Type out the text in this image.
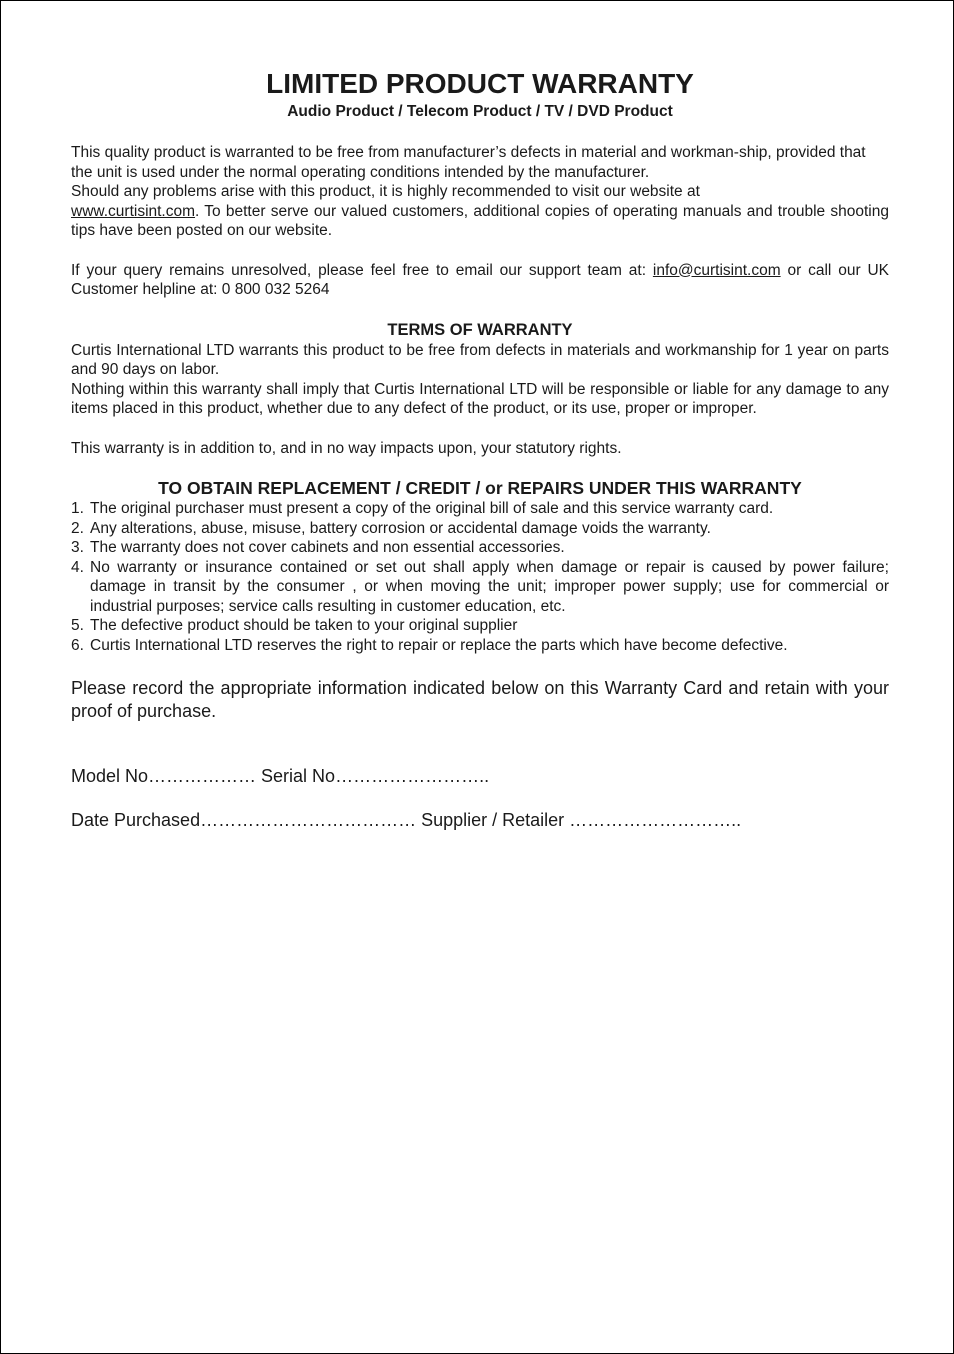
LIMITED PRODUCT WARRANTY
Audio Product / Telecom Product / TV / DVD Product

This quality product is warranted to be free from manufacturer’s defects in material and workman-ship, provided that the unit is used under the normal operating conditions intended by the manufacturer.
Should any problems arise with this product, it is highly recommended to visit our website at

www.curtisint.com. To better serve our valued customers, additional copies of operating manuals and trouble shooting tips have been posted on our website.

If your query remains unresolved, please feel free to email our support team at: info@curtisint.com or call our UK Customer helpline at: 0 800 032 5264

TERMS OF WARRANTY

Curtis International LTD warrants this product to be free from defects in materials and workmanship for 1 year on parts and 90 days on labor.

Nothing within this warranty shall imply that Curtis International LTD will be responsible or liable for any damage to any items placed in this product, whether due to any defect of the product, or its use, proper or improper.

This warranty is in addition to, and in no way impacts upon, your statutory rights.

TO OBTAIN REPLACEMENT / CREDIT / or REPAIRS UNDER THIS WARRANTY
1. The original purchaser must present a copy of the original bill of sale and this service warranty card.
2. Any alterations, abuse, misuse, battery corrosion or accidental damage voids the warranty.
3. The warranty does not cover cabinets and non essential accessories.
4. No warranty or insurance contained or set out shall apply when damage or repair is caused by power failure; damage in transit by the consumer , or when moving the unit; improper power supply; use for commercial or industrial purposes; service calls resulting in customer education, etc.
5. The defective product should be taken to your original supplier
6. Curtis International LTD reserves the right to repair or replace the parts which have become defective.

Please record the appropriate information indicated below on this Warranty Card and retain with your proof of purchase.

Model No……………… Serial No……………………..

Date Purchased……………………………… Supplier / Retailer ………………………..
